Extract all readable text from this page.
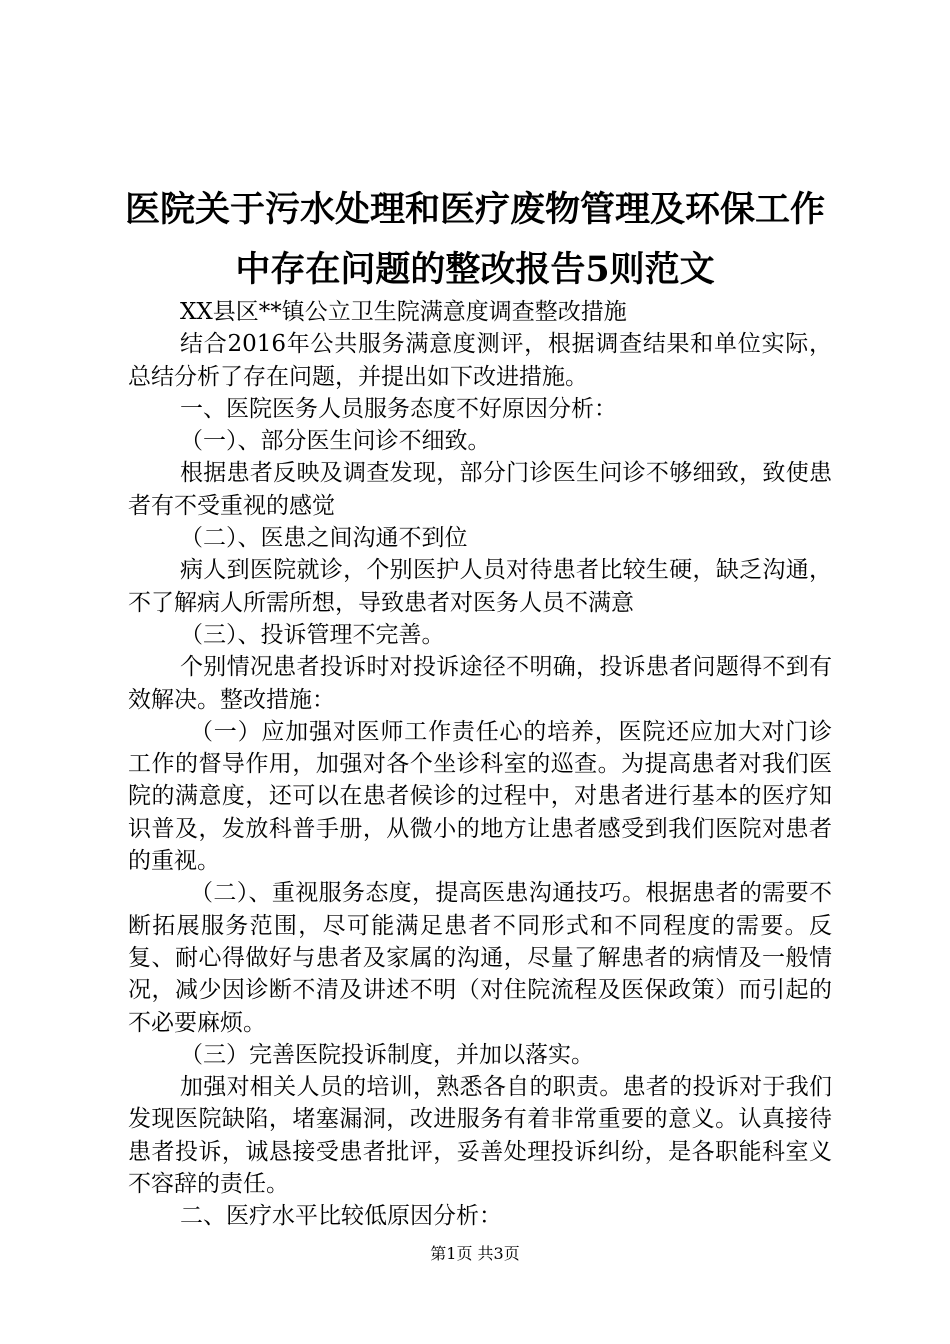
医院关于污水处理和医疗废物管理及环保工作
中存在问题的整改报告5则范文

XX县区**镇公立卫生院满意度调查整改措施

结合2016年公共服务满意度测评，根据调查结果和单位实际，总结分析了存在问题，并提出如下改进措施。

一、医院医务人员服务态度不好原因分析：

（一）、部分医生问诊不细致。

根据患者反映及调查发现，部分门诊医生问诊不够细致，致使患者有不受重视的感觉

（二）、医患之间沟通不到位

病人到医院就诊，个别医护人员对待患者比较生硬，缺乏沟通，不了解病人所需所想，导致患者对医务人员不满意

（三）、投诉管理不完善。

个别情况患者投诉时对投诉途径不明确，投诉患者问题得不到有效解决。整改措施：

（一）应加强对医师工作责任心的培养，医院还应加大对门诊工作的督导作用，加强对各个坐诊科室的巡查。为提高患者对我们医院的满意度，还可以在患者候诊的过程中，对患者进行基本的医疗知识普及，发放科普手册，从微小的地方让患者感受到我们医院对患者的重视。

（二）、重视服务态度，提高医患沟通技巧。根据患者的需要不断拓展服务范围，尽可能满足患者不同形式和不同程度的需要。反复、耐心得做好与患者及家属的沟通，尽量了解患者的病情及一般情况，减少因诊断不清及讲述不明（对住院流程及医保政策）而引起的不必要麻烦。

（三）完善医院投诉制度，并加以落实。

加强对相关人员的培训，熟悉各自的职责。患者的投诉对于我们发现医院缺陷，堵塞漏洞，改进服务有着非常重要的意义。认真接待患者投诉，诚恳接受患者批评，妥善处理投诉纠纷，是各职能科室义不容辞的责任。

二、医疗水平比较低原因分析：

第1页 共3页
